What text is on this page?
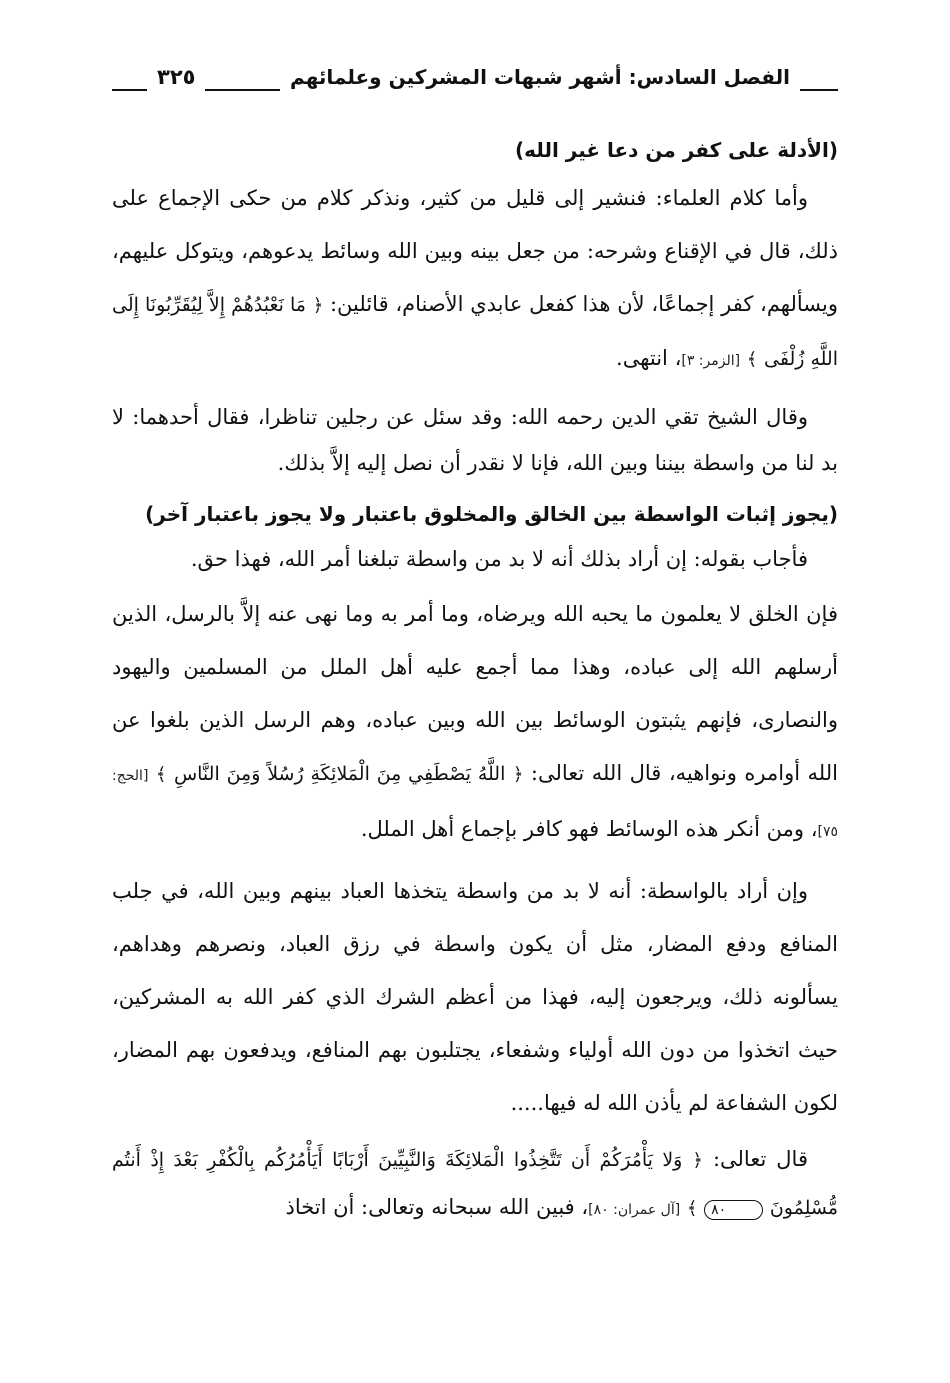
الفصل السادس: أشهر شبهات المشركين وعلمائهم
٣٢٥

(الأدلة على كفر من دعا غير الله)

وأما كلام العلماء: فنشير إلى قليل من كثير، ونذكر كلام من حكى الإجماع على ذلك، قال في الإقناع وشرحه: من جعل بينه وبين الله وسائط يدعوهم، ويتوكل عليهم، ويسألهم، كفر إجماعًا، لأن هذا كفعل عابدي الأصنام، قائلين: ﴿ مَا نَعْبُدُهُمْ إِلاَّ لِيُقَرِّبُونَا إِلَى اللَّهِ زُلْفَى ﴾ [الزمر: ٣]، انتهى.

وقال الشيخ تقي الدين رحمه الله: وقد سئل عن رجلين تناظرا، فقال أحدهما: لا بد لنا من واسطة بيننا وبين الله، فإنا لا نقدر أن نصل إليه إلاَّ بذلك.

(يجوز إثبات الواسطة بين الخالق والمخلوق باعتبار ولا يجوز باعتبار آخر)

فأجاب بقوله: إن أراد بذلك أنه لا بد من واسطة تبلغنا أمر الله، فهذا حق.

فإن الخلق لا يعلمون ما يحبه الله ويرضاه، وما أمر به وما نهى عنه إلاَّ بالرسل، الذين أرسلهم الله إلى عباده، وهذا مما أجمع عليه أهل الملل من المسلمين واليهود والنصارى، فإنهم يثبتون الوسائط بين الله وبين عباده، وهم الرسل الذين بلغوا عن الله أوامره ونواهيه، قال الله تعالى: ﴿ اللَّهُ يَصْطَفِي مِنَ الْمَلائِكَةِ رُسُلاً وَمِنَ النَّاسِ ﴾ [الحج: ٧٥]، ومن أنكر هذه الوسائط فهو كافر بإجماع أهل الملل.

وإن أراد بالواسطة: أنه لا بد من واسطة يتخذها العباد بينهم وبين الله، في جلب المنافع ودفع المضار، مثل أن يكون واسطة في رزق العباد، ونصرهم وهداهم، يسألونه ذلك، ويرجعون إليه، فهذا من أعظم الشرك الذي كفر الله به المشركين، حيث اتخذوا من دون الله أولياء وشفعاء، يجتلبون بهم المنافع، ويدفعون بهم المضار، لكون الشفاعة لم يأذن الله له فيها.....

قال تعالى: ﴿ وَلا يَأْمُرَكُمْ أَن تَتَّخِذُوا الْمَلائِكَةَ وَالنَّبِيِّينَ أَرْبَابًا أَيَأْمُرُكُم بِالْكُفْرِ بَعْدَ إِذْ أَنتُم مُّسْلِمُونَ ٨٠ ﴾ [آل عمران: ٨٠]، فبين الله سبحانه وتعالى: أن اتخاذ
